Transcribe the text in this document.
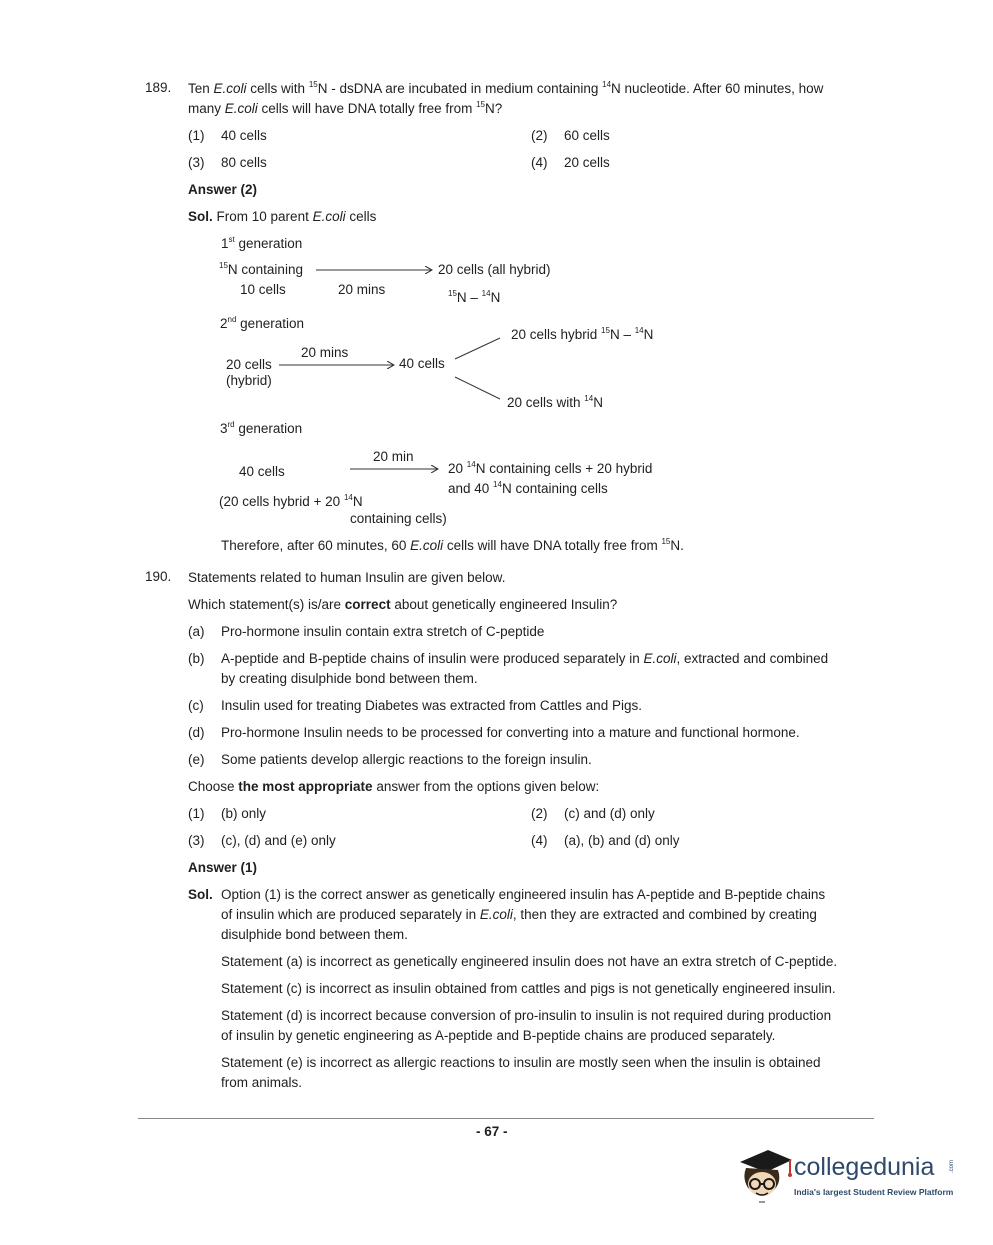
189. Ten E.coli cells with $^{15}$N - dsDNA are incubated in medium containing $^{14}$N nucleotide. After 60 minutes, how
many E.coli cells will have DNA totally free from $^{15}$N?
(1) 40 cells	(2) 60 cells
(3) 80 cells	(4) 20 cells
Answer (2)
Sol. From 10 parent E.coli cells
1st generation
$^{15}$N containing
10 cells	20 mins
20 cells (all hybrid)
$^{15}$N – $^{14}$N
2nd generation
20 cells
(hybrid)
20 mins
40 cells
20 cells hybrid $^{15}$N – $^{14}$N
20 cells with $^{14}$N
3rd generation
40 cells
20 min
20 $^{14}$N containing cells + 20 hybrid
and 40 $^{14}$N containing cells
(20 cells hybrid + 20 $^{14}$N
containing cells)
Therefore, after 60 minutes, 60 E.coli cells will have DNA totally free from $^{15}$N.
190. Statements related to human Insulin are given below.
Which statement(s) is/are correct about genetically engineered Insulin?
(a) Pro-hormone insulin contain extra stretch of C-peptide
(b) A-peptide and B-peptide chains of insulin were produced separately in E.coli, extracted and combined
by creating disulphide bond between them.
(c) Insulin used for treating Diabetes was extracted from Cattles and Pigs.
(d) Pro-hormone Insulin needs to be processed for converting into a mature and functional hormone.
(e) Some patients develop allergic reactions to the foreign insulin.
Choose the most appropriate answer from the options given below:
(1) (b) only	(2) (c) and (d) only
(3) (c), (d) and (e) only	(4) (a), (b) and (d) only
Answer (1)
Sol. Option (1) is the correct answer as genetically engineered insulin has A-peptide and B-peptide chains
of insulin which are produced separately in E.coli, then they are extracted and combined by creating
disulphide bond between them.
Statement (a) is incorrect as genetically engineered insulin does not have an extra stretch of C-peptide.
Statement (c) is incorrect as insulin obtained from cattles and pigs is not genetically engineered insulin.
Statement (d) is incorrect because conversion of pro-insulin to insulin is not required during production
of insulin by genetic engineering as A-peptide and B-peptide chains are produced separately.
Statement (e) is incorrect as allergic reactions to insulin are mostly seen when the insulin is obtained
from animals.
- 67 -
collegedunia .com
India's largest Student Review Platform
